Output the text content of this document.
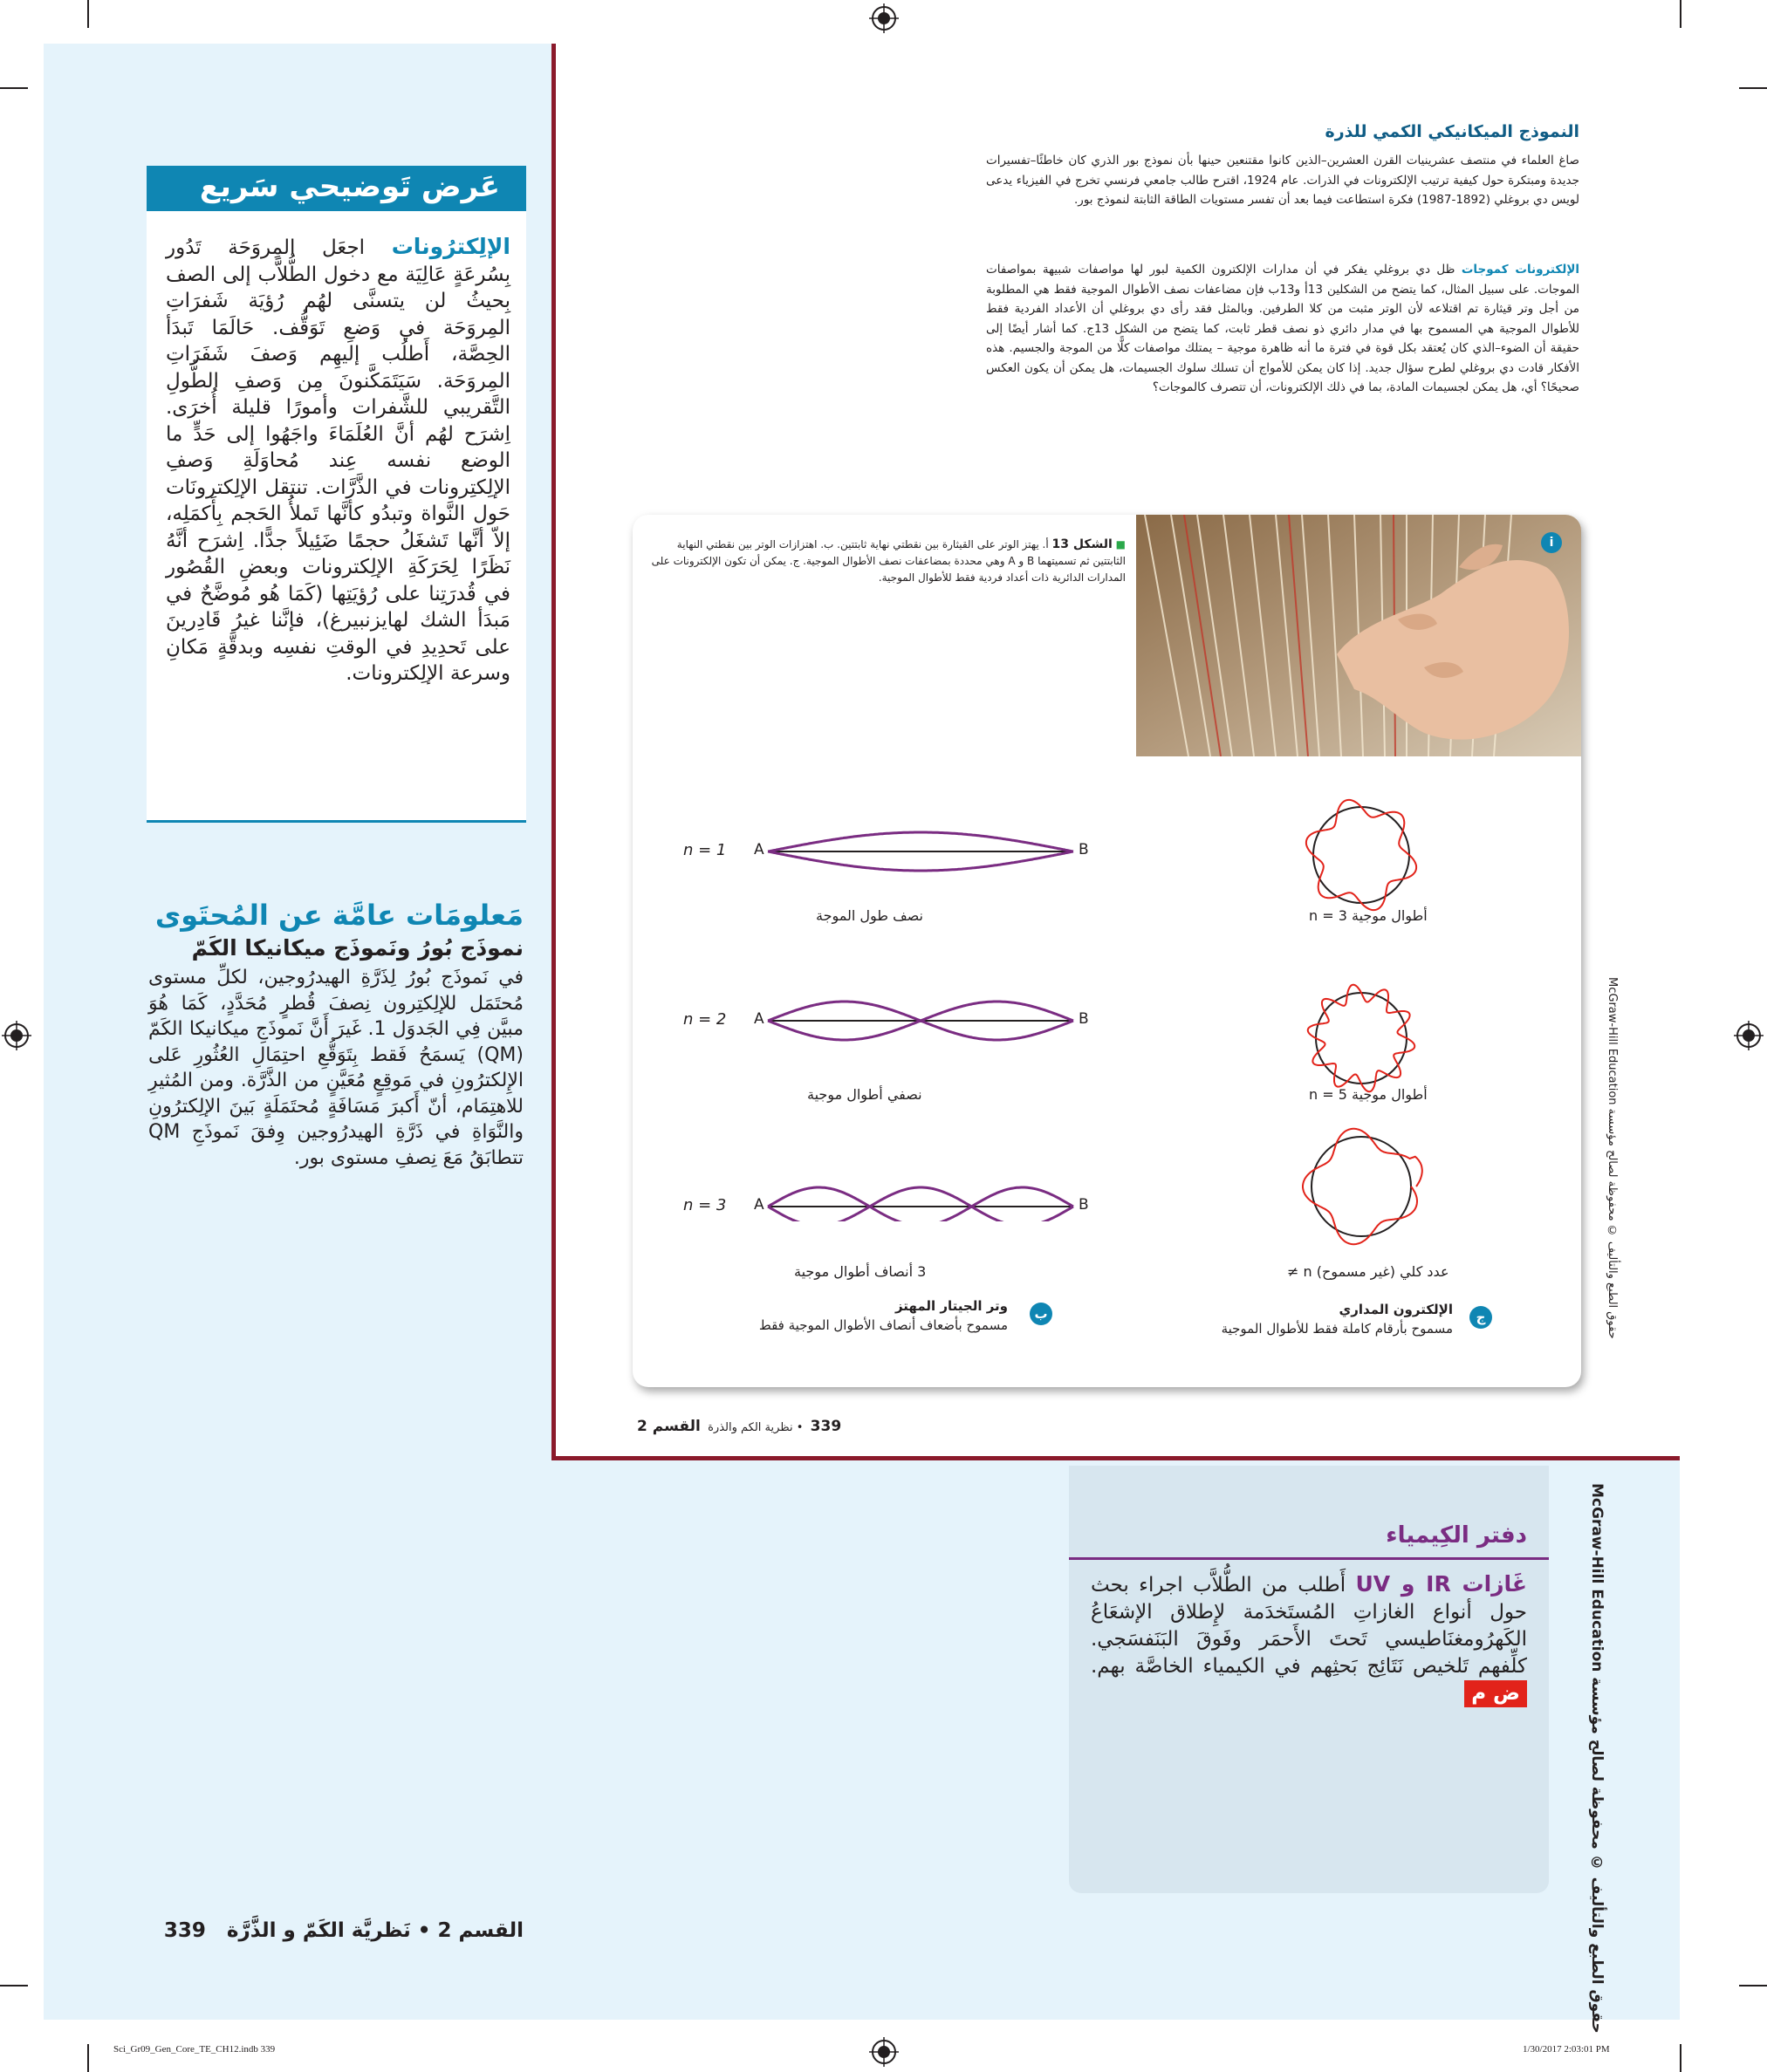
عَرض تَوضيحي سَريع
الإلِكترُونات اجعَل المِروَحَة تَدُور بِسُرعَةٍ عَالِيَة مع دخول الطُّلاَّب إلى الصف بِحيثُ لن يتسنَّى لهُم رُؤيَة شَفرَاتِ المِروَحَة في وَضعِ تَوَقُّف. حَالَمَا تَبدَأ الحِصَّة، أَطلُب إليهِم وَصفَ شَفَرَاتِ المِروَحَة. سَيَتَمَكَّنونَ مِن وَصفِ الطُّولِ التَّقريبي للشَّفرات وأمورًا قليلة أُخرَى. اِشرَح لهُم أنَّ العُلَمَاءَ واجَهُوا إلى حَدٍّ ما الوضع نفسه عِند مُحاوَلَةِ وَصفِ الإلِكتِرونات في الذَّرَّات. تنتقل الإلِكترونَات حَول النَّواة وتبدُو كأنَّها تَملأُ الحَجم بِأَكمَلِه، إلاّ أنَّها تَشغَلُ حجمًا ضَئِيلاً جدًّا. اِشرَح أنَّهُ نَظَرًا لِحَرَكَةِ الإلِكترونات وبعضِ القُصُور في قُدرَتِنا على رُؤيَتِها (كَمَا هُو مُوضَّحٌ في مَبدَأ الشك لهايزنبيرغ)، فإنَّنا غيرُ قَادِرينَ على تَحدِيدِ في الوقتِ نفسِه وبدقَّةٍ مَكانِ وسرعة الإلِكترونات.
مَعلومَات عامَّة عن المُحتَوى
نموذَج بُورُ ونَموذَج ميكانيكا الكَمّ
في نَموذَج بُورُ لِذَرَّةِ الهيدرُوجين، لكلِّ مستوى مُحتَمَل للإلِكتِرون نِصفَ قُطرٍ مُحَدَّدٍ، كَمَا هُوَ مبيَّن فِي الجَدوَل 1. غَيرَ أَنَّ نَموذَجِ ميكانيكا الكَمّ (QM) يَسمَحُ فَقط بِتَوَقُّعِ احتِمَالِ العُثُورِ عَلى الإِلكترُونِ في مَوقِعٍ مُعَيَّنٍ من الذَّرَّة. ومن المُثيرِ للاهتِمَام، أنّ أَكبرَ مَسَافَةٍ مُحتَمَلَةٍ بَينَ الإلِكترُونِ والنَّوَاةِ في ذَرَّةِ الهيدرُوجين وِفقَ نَموذَجِ QM تتطابَقُ مَعَ نِصفِ مستوى بور.
القسم 2 • نَظريَّة الكَمّ و الذَّرَّة   339
النموذج الميكانيكي الكمي للذرة
صاغ العلماء في منتصف عشرينيات القرن العشرين–الذين كانوا مقتنعين حينها بأن نموذج بور الذري كان خاطئًا–تفسيرات جديدة ومبتكرة حول كيفية ترتيب الإلكترونات في الذرات. عام 1924، اقترح طالب جامعي فرنسي تخرج في الفيزياء يدعى لويس دي بروغلي (1892-1987) فكرة استطاعت فيما بعد أن تفسر مستويات الطاقة الثابتة لنموذج بور.
الإلكترونات كموجات ظل دي بروغلي يفكر في أن مدارات الإلكترون الكمية لبور لها مواصفات شبيهة بمواصفات الموجات. على سبيل المثال، كما يتضح من الشكلين 13أ و13ب فإن مضاعفات نصف الأطوال الموجية فقط هي المطلوبة من أجل وتر قيثارة تم اقتلاعه لأن الوتر مثبت من كلا الطرفين. وبالمثل فقد رأى دي بروغلي أن الأعداد الفردية فقط للأطوال الموجية هي المسموح بها في مدار دائري ذو نصف قطر ثابت، كما يتضح من الشكل 13ج. كما أشار أيضًا إلى حقيقة أن الضوء–الذي كان يُعتقد بكل قوة في فترة ما أنه ظاهرة موجية – يمتلك مواصفات كلًّا من الموجة والجسيم. هذه الأفكار قادت دي بروغلي لطرح سؤال جديد. إذا كان يمكن للأمواج أن تسلك سلوك الجسيمات، هل يمكن أن يكون العكس صحيحًا؟ أي، هل يمكن لجسيمات المادة، بما في ذلك الإلكترونات، أن تتصرف كالموجات؟
■ الشكل 13 أ. يهتز الوتر على القيثارة بين نقطتي نهاية ثابتتين. ب. اهتزازات الوتر بين نقطتي النهاية الثابتتين ثم تسميتهما B و A وهي محددة بمضاعفات نصف الأطوال الموجية. ج. يمكن أن تكون الإلكترونات على المدارات الدائرية ذات أعداد فردية فقط للأطوال الموجية.
i
n = 1 A	B
نصف طول الموجة
n = 2 A	B
نصفي أطوال موجية
n = 3 A	B
3 أنصاف أطوال موجية
أطوال موجية 3 = n
أطوال موجية 5 = n
عدد كلي (غير مسموح) n ≠
ب
وتر الجيتار المهتز
مسموح بأضعاف أنصاف الأطوال الموجية فقط	ج
الإلكترون المداري
مسموح بأرقام كاملة فقط للأطوال الموجية
339  • نظرية الكم والذرة  القسم 2
McGraw-Hill Education حقوق الطبع والتأليف © محفوظة لصالح مؤسسة
McGraw-Hill Education حقوق الطبع والتأليف © محفوظة لصالح مؤسسة
دفتر الكِيمياء
غَازات IR و UV أَطلب من الطُّلاَّب اجراء بحث حول أنواع الغازاتِ المُستَخدَمة لإِطلاق الإشعَاعُ الكَهرُومغنَاطيسي تَحتَ الأَحمَر وفَوقَ البَنَفسَجي. كلِّفهم تَلخيص نَتَائِج بَحثِهم في الكيمياء الخاصَّة بهم. ض م
Sci_Gr09_Gen_Core_TE_CH12.indb 339	1/30/2017 2:03:01 PM
